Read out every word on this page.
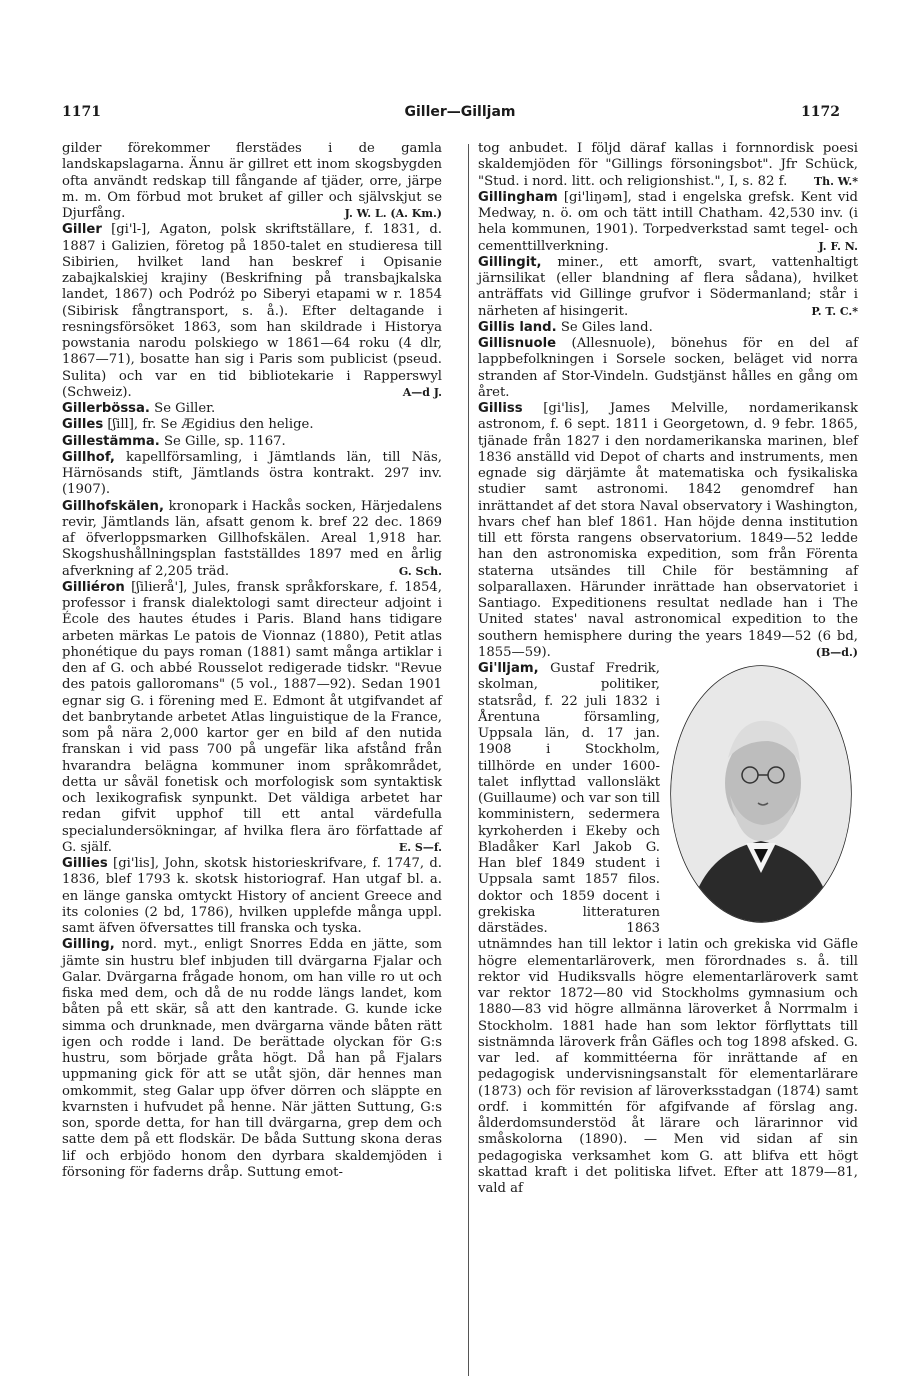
1171	Giller—Gilljam	1172

gilder förekommer flerstädes i de gamla landskapslagarna. Ännu är gillret ett inom skogsbygden ofta användt redskap till fångande af tjäder, orre, järpe m. m. Om förbud mot bruket af giller och självskjut se Djurfång.	J. W. L. (A. Km.)

Giller [gi'l-], Agaton, polsk skriftställare, f. 1831, d. 1887 i Galizien, företog på 1850-talet en studieresa till Sibirien, hvilket land han beskref i Opisanie zabajkalskiej krajiny (Beskrifning på transbajkalska landet, 1867) och Podróż po Siberyi etapami w r. 1854 (Sibirisk fångtransport, s. å.). Efter deltagande i resningsförsöket 1863, som han skildrade i Historya powstania narodu polskiego w 1861—64 roku (4 dlr, 1867—71), bosatte han sig i Paris som publicist (pseud. Sulita) och var en tid bibliotekarie i Rapperswyl (Schweiz).	A—d J.

Gillerbössa. Se Giller.

Gilles [ʃill], fr. Se Ægidius den helige.

Gillestämma. Se Gille, sp. 1167.

Gillhof, kapellförsamling, i Jämtlands län, till Näs, Härnösands stift, Jämtlands östra kontrakt. 297 inv. (1907).

Gillhofskälen, kronopark i Hackås socken, Härjedalens revir, Jämtlands län, afsatt genom k. bref 22 dec. 1869 af öfverloppsmarken Gillhofskälen. Areal 1,918 har. Skogshushållningsplan fastställdes 1897 med en årlig afverkning af 2,205 träd.	G. Sch.

Gilliéron [ʃilierå'], Jules, fransk språkforskare, f. 1854, professor i fransk dialektologi samt directeur adjoint i École des hautes études i Paris. Bland hans tidigare arbeten märkas Le patois de Vionnaz (1880), Petit atlas phonétique du pays roman (1881) samt många artiklar i den af G. och abbé Rousselot redigerade tidskr. "Revue des patois galloromans" (5 vol., 1887—92). Sedan 1901 egnar sig G. i förening med E. Edmont åt utgifvandet af det banbrytande arbetet Atlas linguistique de la France, som på nära 2,000 kartor ger en bild af den nutida franskan i vid pass 700 på ungefär lika afstånd från hvarandra belägna kommuner inom språkområdet, detta ur såväl fonetisk och morfologisk som syntaktisk och lexikografisk synpunkt. Det väldiga arbetet har redan gifvit upphof till ett antal värdefulla specialundersökningar, af hvilka flera äro författade af G. själf.	E. S—f.

Gillies [gi'lis], John, skotsk historieskrifvare, f. 1747, d. 1836, blef 1793 k. skotsk historiograf. Han utgaf bl. a. en länge ganska omtyckt History of ancient Greece and its colonies (2 bd, 1786), hvilken upplefde många uppl. samt äfven öfversattes till franska och tyska.

Gilling, nord. myt., enligt Snorres Edda en jätte, som jämte sin hustru blef inbjuden till dvärgarna Fjalar och Galar. Dvärgarna frågade honom, om han ville ro ut och fiska med dem, och då de nu rodde längs landet, kom båten på ett skär, så att den kantrade. G. kunde icke simma och drunknade, men dvärgarna vände båten rätt igen och rodde i land. De berättade olyckan för G:s hustru, som började gråta högt. Då han på Fjalars uppmaning gick för att se utåt sjön, där hennes man omkommit, steg Galar upp öfver dörren och släppte en kvarnsten i hufvudet på henne. När jätten Suttung, G:s son, sporde detta, for han till dvärgarna, grep dem och satte dem på ett flodskär. De båda Suttung skona deras lif och erbjödo honom den dyrbara skaldemjöden i försoning för faderns dråp. Suttung emot-

tog anbudet. I följd däraf kallas i fornnordisk poesi skaldemjöden för "Gillings försoningsbot". Jfr Schück, "Stud. i nord. litt. och religionshist.", I, s. 82 f. Th. W.*

Gillingham [gi'liŋəm], stad i engelska grefsk. Kent vid Medway, n. ö. om och tätt intill Chatham. 42,530 inv. (i hela kommunen, 1901). Torpedverkstad samt tegel- och cementtillverkning.	J. F. N.

Gillingit, miner., ett amorft, svart, vattenhaltigt järnsilikat (eller blandning af flera sådana), hvilket anträffats vid Gillinge grufvor i Södermanland; står i närheten af hisingerit.	P. T. C.*

Gillis land. Se Giles land.

Gillisnuole (Allesnuole), bönehus för en del af lappbefolkningen i Sorsele socken, beläget vid norra stranden af Stor-Vindeln. Gudstjänst hålles en gång om året.

Gilliss [gi'lis], James Melville, nordamerikansk astronom, f. 6 sept. 1811 i Georgetown, d. 9 febr. 1865, tjänade från 1827 i den nordamerikanska marinen, blef 1836 anställd vid Depot of charts and instruments, men egnade sig därjämte åt matematiska och fysikaliska studier samt astronomi. 1842 genomdref han inrättandet af det stora Naval observatory i Washington, hvars chef han blef 1861. Han höjde denna institution till ett första rangens observatorium. 1849—52 ledde han den astronomiska expedition, som från Förenta staterna utsändes till Chile för bestämning af solparallaxen. Härunder inrättade han observatoriet i Santiago. Expeditionens resultat nedlade han i The United states' naval astronomical expedition to the southern hemisphere during the years 1849—52 (6 bd, 1855—59).	(B—d.)

Gi'lljam, Gustaf Fredrik, skolman, politiker, statsråd, f. 22 juli 1832 i Årentuna församling, Uppsala län, d. 17 jan. 1908 i Stockholm, tillhörde en under 1600-talet inflyttad vallonsläkt (Guillaume) och var son till komministern, sedermera kyrkoherden i Ekeby och Bladåker Karl Jakob G. Han blef 1849 student i Uppsala samt 1857 filos. doktor och 1859 docent i grekiska litteraturen därstädes. 1863 utnämndes han till lektor i latin och grekiska vid Gäfle högre elementarläroverk, men förordnades s. å. till rektor vid Hudiksvalls högre elementarläroverk samt var rektor 1872—80 vid Stockholms gymnasium och 1880—83 vid högre allmänna läroverket å Norrmalm i Stockholm. 1881 hade han som lektor förflyttats till sistnämnda läroverk från Gäfles och tog 1898 afsked. G. var led. af kommittéerna för inrättande af en pedagogisk undervisningsanstalt för elementarlärare (1873) och för revision af läroverksstadgan (1874) samt ordf. i kommittén för afgifvande af förslag ang. ålderdomsunderstöd åt lärare och lärarinnor vid småskolorna (1890). — Men vid sidan af sin pedagogiska verksamhet kom G. att blifva ett högt skattad kraft i det politiska lifvet. Efter att 1879—81, vald af
